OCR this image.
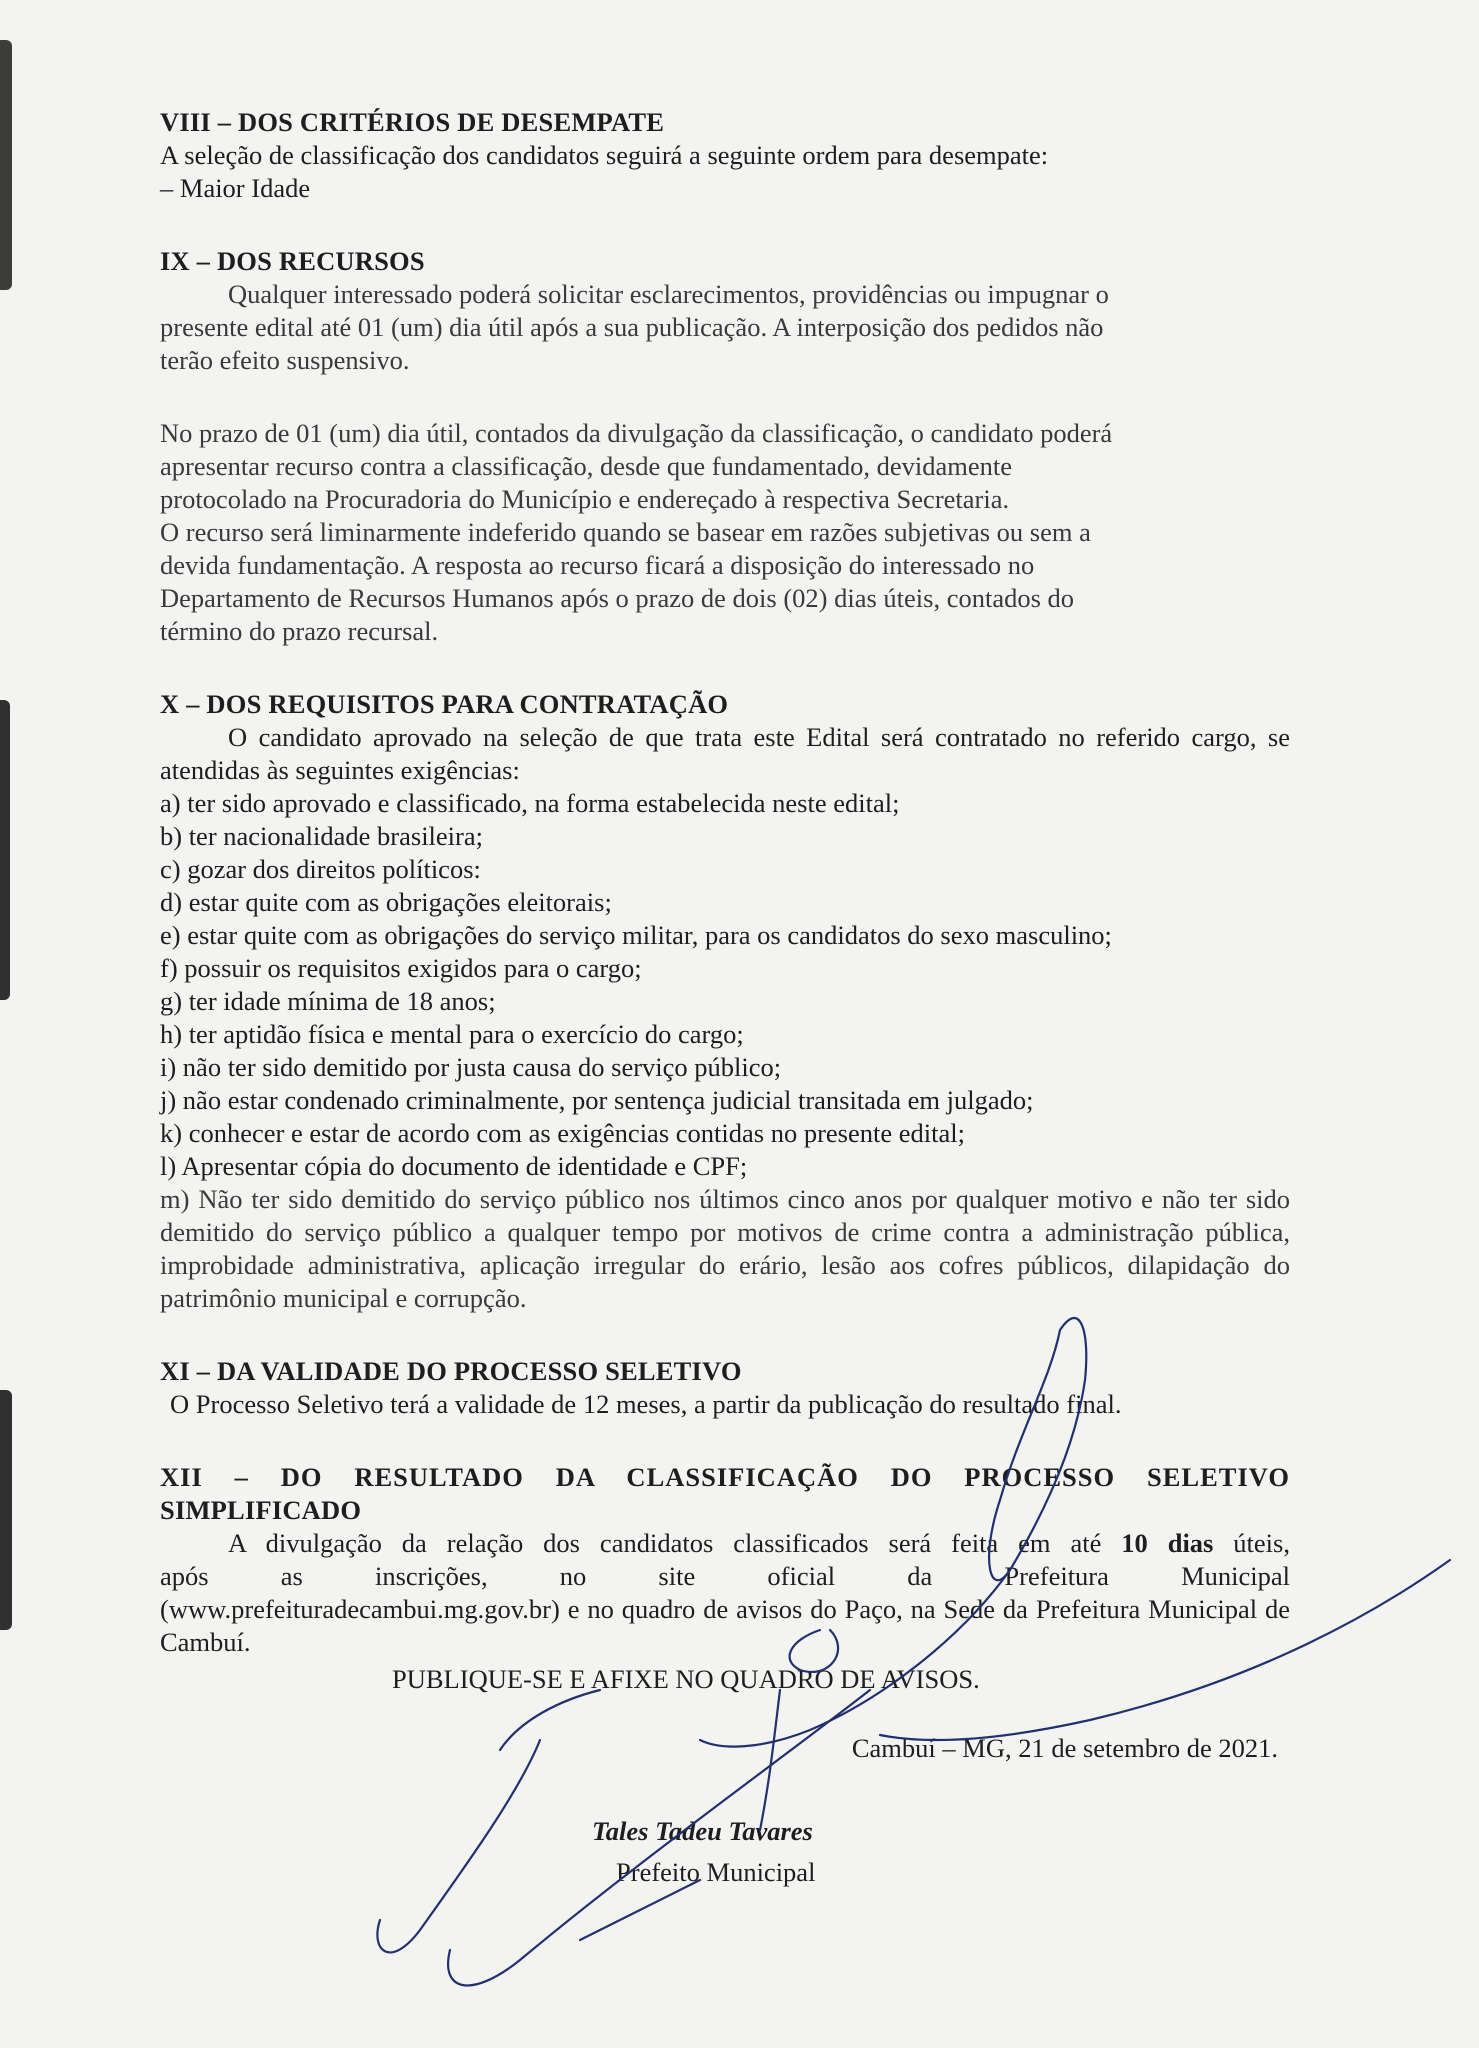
VIII – DOS CRITÉRIOS DE DESEMPATE

A seleção de classificação dos candidatos seguirá a seguinte ordem para desempate:

– Maior Idade

IX – DOS RECURSOS

Qualquer interessado poderá solicitar esclarecimentos, providências ou impugnar o presente edital até 01 (um) dia útil após a sua publicação. A interposição dos pedidos não terão efeito suspensivo.

No prazo de 01 (um) dia útil, contados da divulgação da classificação, o candidato poderá apresentar recurso contra a classificação, desde que fundamentado, devidamente protocolado na Procuradoria do Município e endereçado à respectiva Secretaria.

O recurso será liminarmente indeferido quando se basear em razões subjetivas ou sem a devida fundamentação. A resposta ao recurso ficará a disposição do interessado no Departamento de Recursos Humanos após o prazo de dois (02) dias úteis, contados do término do prazo recursal.

X – DOS REQUISITOS PARA CONTRATAÇÃO

O candidato aprovado na seleção de que trata este Edital será contratado no referido cargo, se atendidas às seguintes exigências:

a) ter sido aprovado e classificado, na forma estabelecida neste edital;

b) ter nacionalidade brasileira;

c) gozar dos direitos políticos:

d) estar quite com as obrigações eleitorais;

e) estar quite com as obrigações do serviço militar, para os candidatos do sexo masculino;

f) possuir os requisitos exigidos para o cargo;

g) ter idade mínima de 18 anos;

h) ter aptidão física e mental para o exercício do cargo;

i) não ter sido demitido por justa causa do serviço público;

j) não estar condenado criminalmente, por sentença judicial transitada em julgado;

k) conhecer e estar de acordo com as exigências contidas no presente edital;

l) Apresentar cópia do documento de identidade e CPF;

m) Não ter sido demitido do serviço público nos últimos cinco anos por qualquer motivo e não ter sido demitido do serviço público a qualquer tempo por motivos de crime contra a administração pública, improbidade administrativa, aplicação irregular do erário, lesão aos cofres públicos, dilapidação do patrimônio municipal e corrupção.

XI – DA VALIDADE DO PROCESSO SELETIVO

O Processo Seletivo terá a validade de 12 meses, a partir da publicação do resultado final.

XII – DO RESULTADO DA CLASSIFICAÇÃO DO PROCESSO SELETIVO

SIMPLIFICADO

A divulgação da relação dos candidatos classificados será feita em até 10 dias úteis,

após as inscrições, no site oficial da Prefeitura Municipal

(www.prefeituradecambui.mg.gov.br) e no quadro de avisos do Paço, na Sede da Prefeitura Municipal de Cambuí.

PUBLIQUE-SE E AFIXE NO QUADRO DE AVISOS.

Cambuí – MG, 21 de setembro de 2021.

Tales Tadeu Tavares

Prefeito Municipal
